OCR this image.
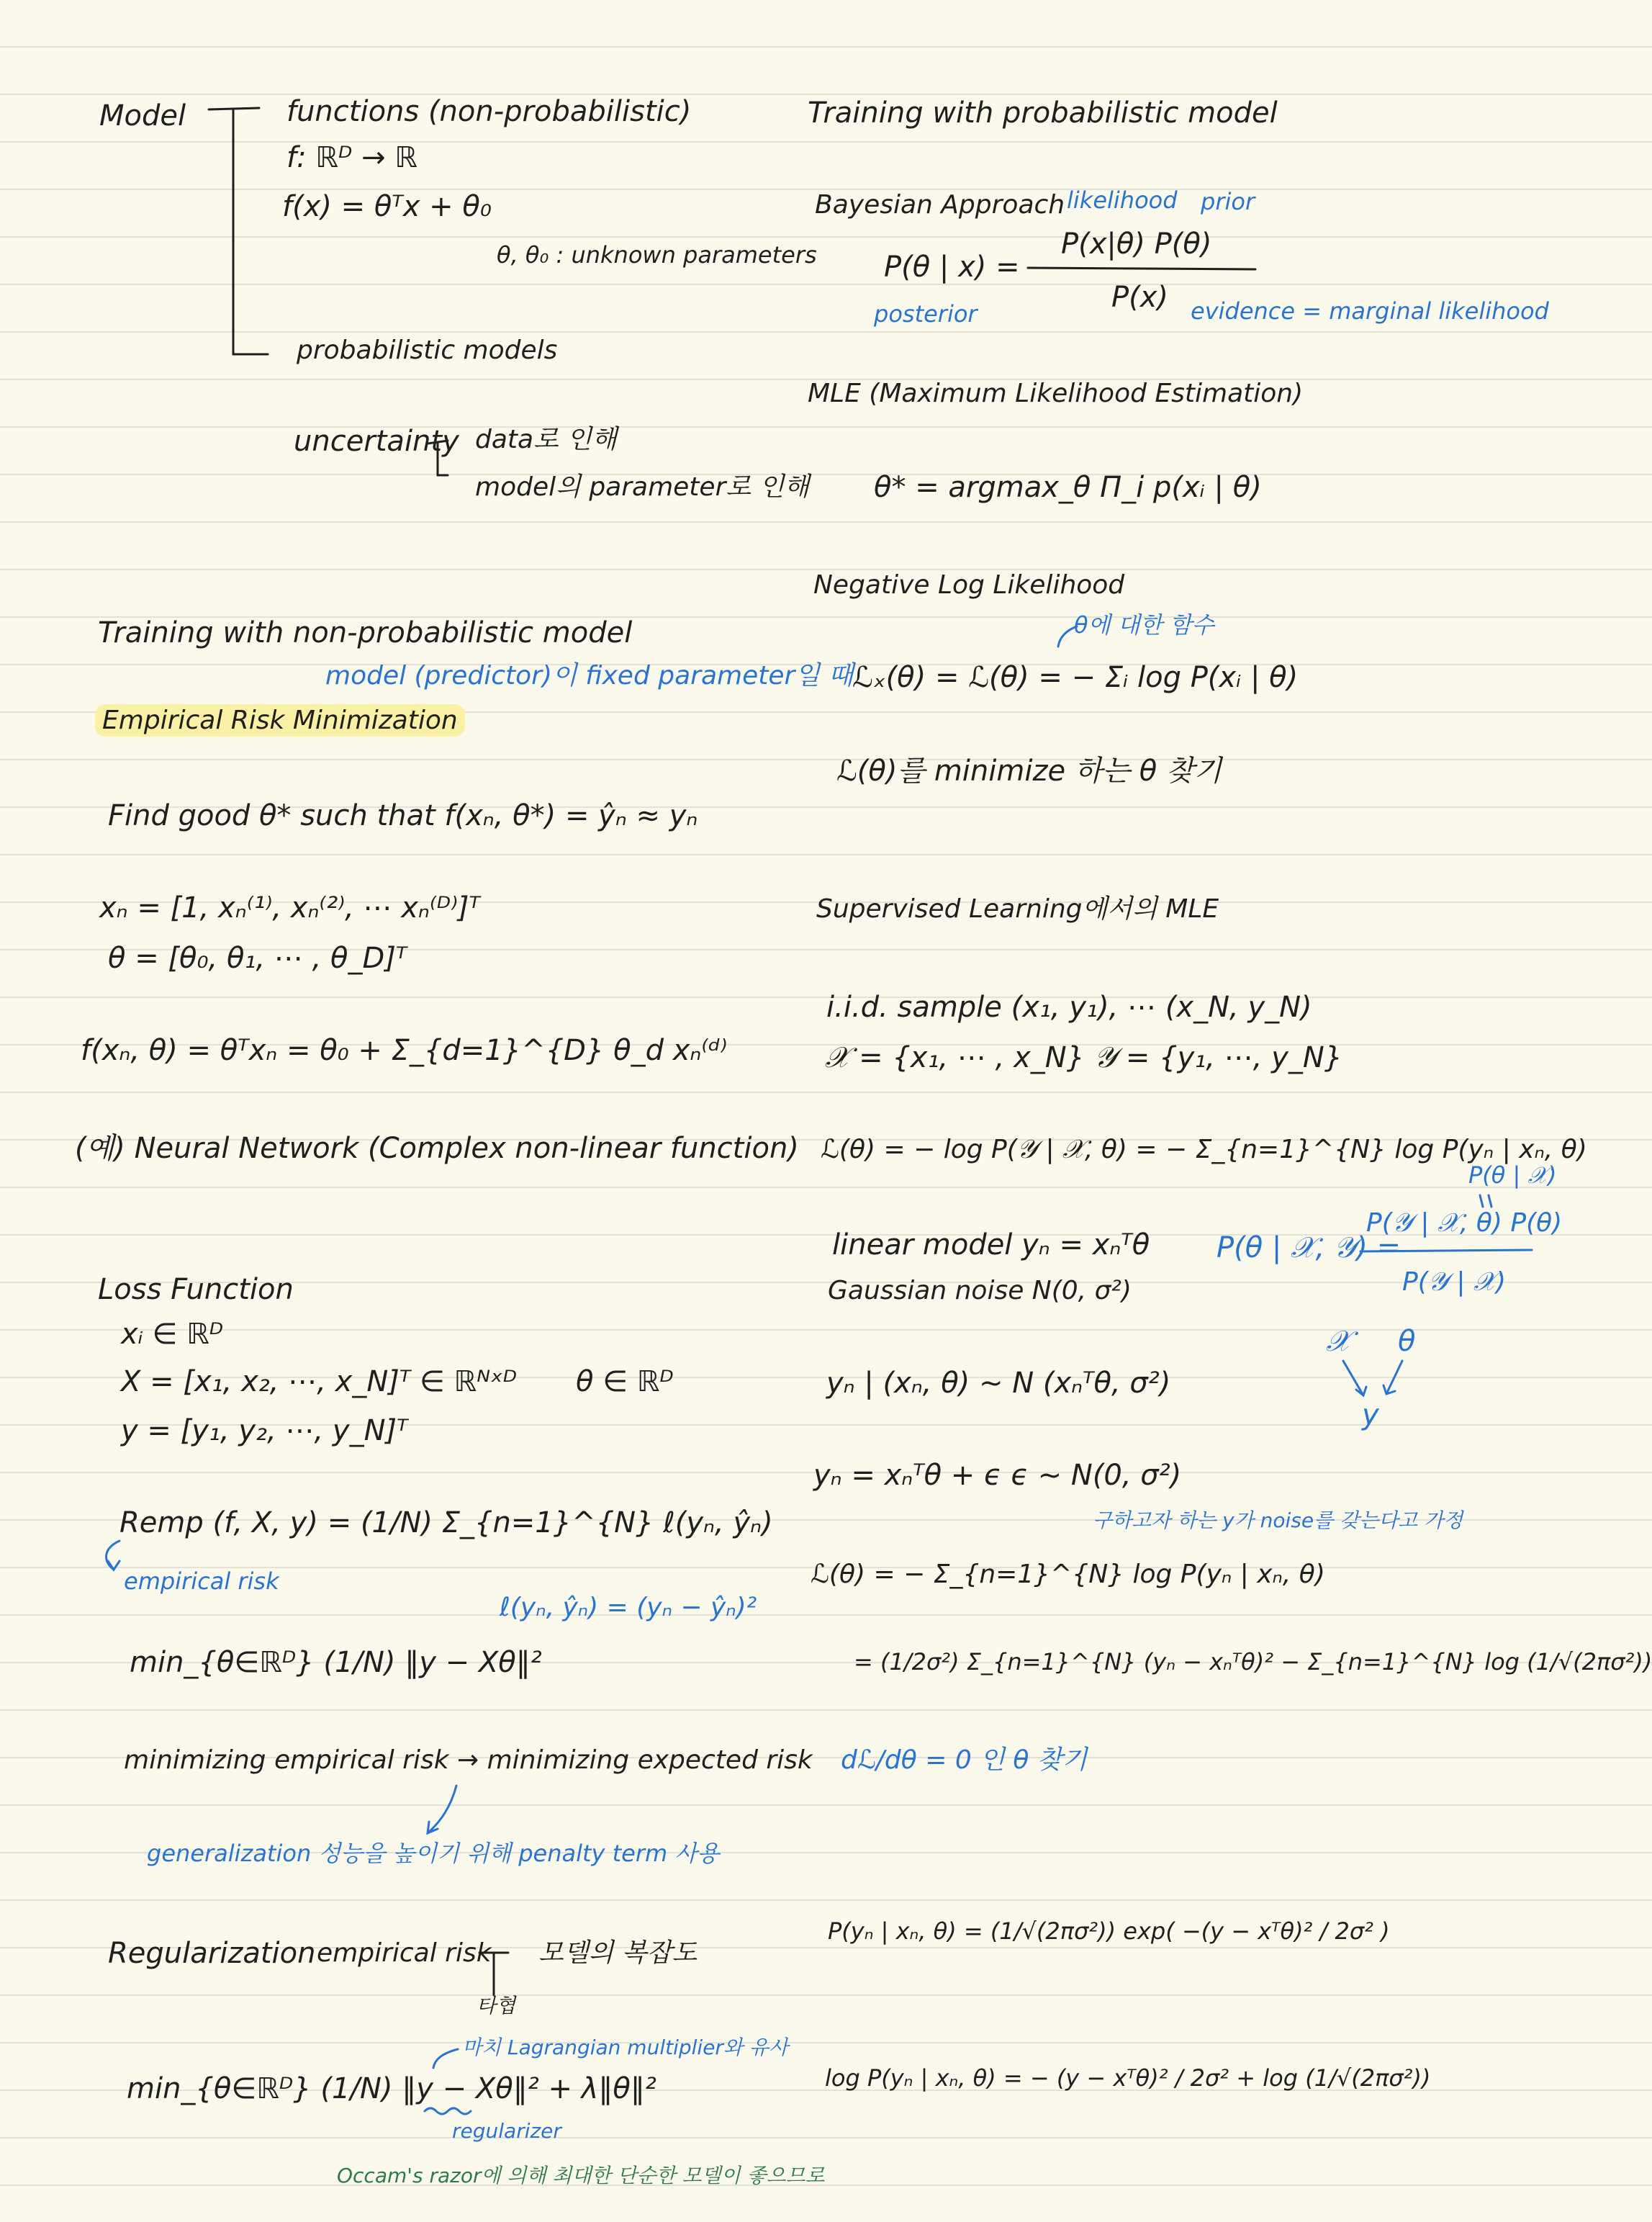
Model	functions (non-probabilistic)
f: ℝᴰ → ℝ
f(x) = θᵀx + θ₀
θ, θ₀ : unknown parameters
probabilistic models
uncertainty data로 인해
model의 parameter로 인해
Training with non-probabilistic model
model (predictor)이 fixed parameter일 때
Empirical Risk Minimization
Find good θ* such that f(xₙ, θ*) = ŷₙ ≈ yₙ
xₙ = [1, xₙ⁽¹⁾, xₙ⁽²⁾, ⋯ xₙ⁽ᴰ⁾]ᵀ
θ = [θ₀, θ₁, ⋯ , θ_D]ᵀ
f(xₙ, θ) = θᵀxₙ = θ₀ + Σ_{d=1}^{D} θ_d xₙ⁽ᵈ⁾
(예) Neural Network (Complex non-linear function)
Loss Function
xᵢ ∈ ℝᴰ
X = [x₁, x₂, ⋯, x_N]ᵀ ∈ ℝᴺˣᴰ θ ∈ ℝᴰ
y = [y₁, y₂, ⋯, y_N]ᵀ
Remp (f, X, y) = (1/N) Σ_{n=1}^{N} ℓ(yₙ, ŷₙ)
empirical risk
ℓ(yₙ, ŷₙ) = (yₙ − ŷₙ)²
min_{θ∈ℝᴰ} (1/N) ‖y − Xθ‖²
minimizing empirical risk → minimizing expected risk
generalization 성능을 높이기 위해 penalty term 사용
Regularization empirical risk 모델의 복잡도
타협
마치 Lagrangian multiplier와 유사
min_{θ∈ℝᴰ} (1/N) ‖y − Xθ‖² + λ‖θ‖²
regularizer
Occam's razor에 의해 최대한 단순한 모델이 좋으므로
Training with probabilistic model
Bayesian Approach likelihood prior
P(θ | x) =
P(x|θ) P(θ)
P(x)
posterior	evidence = marginal likelihood
MLE (Maximum Likelihood Estimation)
θ* = argmax_θ Π_i p(xᵢ | θ)
Negative Log Likelihood
θ에 대한 함수
ℒₓ(θ) = ℒ(θ) = − Σᵢ log P(xᵢ | θ)
ℒ(θ)를 minimize 하는 θ 찾기
Supervised Learning에서의 MLE
i.i.d. sample (x₁, y₁), ⋯ (x_N, y_N)
𝒳 = {x₁, ⋯ , x_N} 𝒴 = {y₁, ⋯, y_N}
ℒ(θ) = − log P(𝒴 | 𝒳, θ) = − Σ_{n=1}^{N} log P(yₙ | xₙ, θ)
linear model yₙ = xₙᵀθ
Gaussian noise N(0, σ²)
P(θ | 𝒳)
P(θ | 𝒳, 𝒴) =
P(𝒴 | 𝒳, θ) P(θ)
P(𝒴 | 𝒳)
𝒳 θ
y
yₙ | (xₙ, θ) ~ N (xₙᵀθ, σ²)
yₙ = xₙᵀθ + ϵ ϵ ~ N(0, σ²)
구하고자 하는 y가 noise를 갖는다고 가정
ℒ(θ) = − Σ_{n=1}^{N} log P(yₙ | xₙ, θ)
= (1/2σ²) Σ_{n=1}^{N} (yₙ − xₙᵀθ)² − Σ_{n=1}^{N} log (1/√(2πσ²))
dℒ/dθ = 0 인 θ 찾기
P(yₙ | xₙ, θ) = (1/√(2πσ²)) exp( −(y − xᵀθ)² / 2σ² )
log P(yₙ | xₙ, θ) = − (y − xᵀθ)² / 2σ² + log (1/√(2πσ²))
